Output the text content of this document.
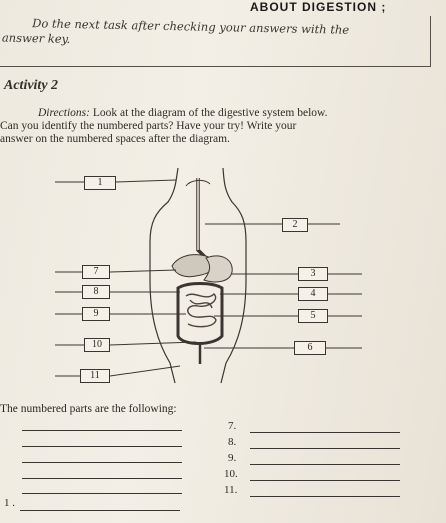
ABOUT DIGESTION ;
Do the next task after checking your answers with the
answer key.
Activity 2
Directions: Look at the diagram of the digestive system below.
Can you identify the numbered parts? Have your try! Write your
answer on the numbered spaces after the diagram.
1
2
3
4
5
6
7
8
9
10
11
The numbered parts are the following:
1 .
7.
8.
9.
10.
11.
